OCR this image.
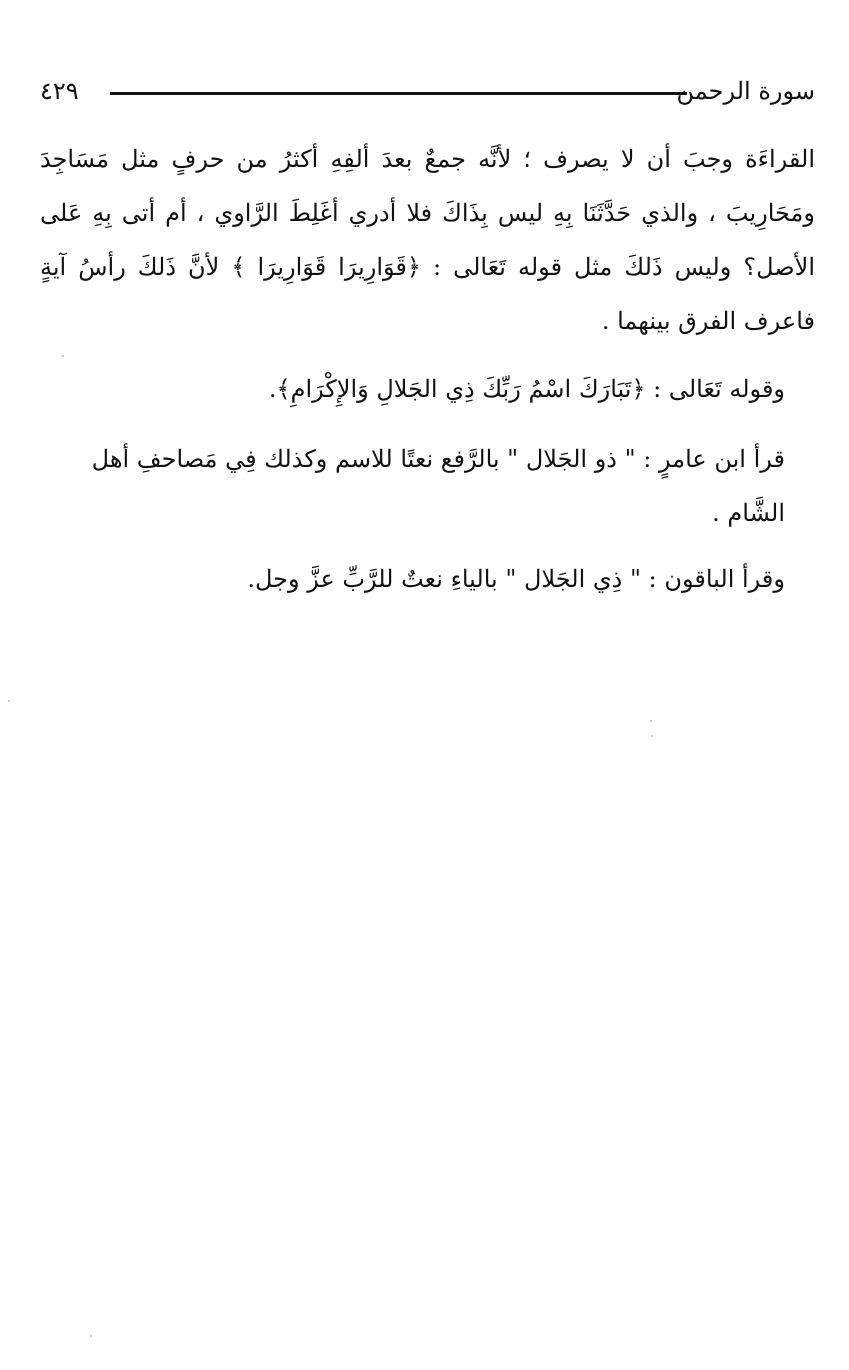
سورة الرحمن
٤٢٩

القراءَة وجبَ أن لا يصرف ؛ لأنَّه جمعٌ بعدَ ألفِهِ أكثرُ من حرفٍ مثل مَسَاجِدَ ومَحَارِيبَ ، والذي حَدَّثَنَا بِهِ ليس بِذَاكَ فلا أدري أغَلِطَ الرَّاوي ، أم أتى بِهِ عَلى الأصل؟ وليس ذَلكَ مثل قوله تَعَالى : ﴿قَوَارِيرَا قَوَارِيرَا ﴾ لأنَّ ذَلكَ رأسُ آيةٍ فاعرف الفرق بينهما .

وقوله تَعَالى : ﴿تَبَارَكَ اسْمُ رَبِّكَ ذِي الجَلالِ وَالإِكْرَامِ﴾.

قرأ ابن عامرٍ : " ذو الجَلال " بالرَّفع نعتًا للاسم وكذلك فِي مَصاحفِ أهل الشَّام .

وقرأ الباقون : " ذِي الجَلال " بالياءِ نعتٌ للرَّبِّ عزَّ وجل.
